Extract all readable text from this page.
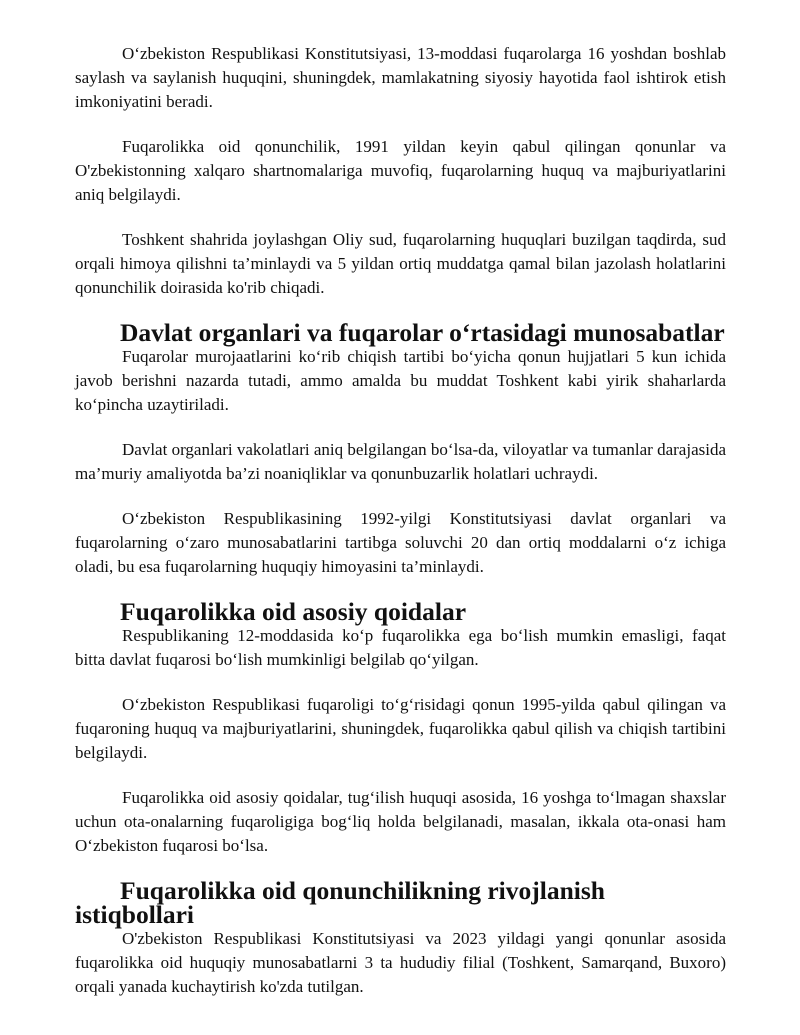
O‘zbekiston Respublikasi Konstitutsiyasi, 13-moddasi fuqarolarga 16 yoshdan boshlab saylash va saylanish huquqini, shuningdek, mamlakatning siyosiy hayotida faol ishtirok etish imkoniyatini beradi.

Fuqarolikka oid qonunchilik, 1991 yildan keyin qabul qilingan qonunlar va O'zbekistonning xalqaro shartnomalariga muvofiq, fuqarolarning huquq va majburiyatlarini aniq belgilaydi.

Toshkent shahrida joylashgan Oliy sud, fuqarolarning huquqlari buzilgan taqdirda, sud orqali himoya qilishni ta’minlaydi va 5 yildan ortiq muddatga qamal bilan jazolash holatlarini qonunchilik doirasida ko'rib chiqadi.

Davlat organlari va fuqarolar o‘rtasidagi munosabatlar

Fuqarolar murojaatlarini ko‘rib chiqish tartibi bo‘yicha qonun hujjatlari 5 kun ichida javob berishni nazarda tutadi, ammo amalda bu muddat Toshkent kabi yirik shaharlarda ko‘pincha uzaytiriladi.

Davlat organlari vakolatlari aniq belgilangan bo‘lsa-da, viloyatlar va tumanlar darajasida ma’muriy amaliyotda ba’zi noaniqliklar va qonunbuzarlik holatlari uchraydi.

O‘zbekiston Respublikasining 1992-yilgi Konstitutsiyasi davlat organlari va fuqarolarning o‘zaro munosabatlarini tartibga soluvchi 20 dan ortiq moddalarni o‘z ichiga oladi, bu esa fuqarolarning huquqiy himoyasini ta’minlaydi.

Fuqarolikka oid asosiy qoidalar

Respublikaning 12-moddasida ko‘p fuqarolikka ega bo‘lish mumkin emasligi, faqat bitta davlat fuqarosi bo‘lish mumkinligi belgilab qo‘yilgan.

O‘zbekiston Respublikasi fuqaroligi to‘g‘risidagi qonun 1995-yilda qabul qilingan va fuqaroning huquq va majburiyatlarini, shuningdek, fuqarolikka qabul qilish va chiqish tartibini belgilaydi.

Fuqarolikka oid asosiy qoidalar, tug‘ilish huquqi asosida, 16 yoshga to‘lmagan shaxslar uchun ota-onalarning fuqaroligiga bog‘liq holda belgilanadi, masalan, ikkala ota-onasi ham O‘zbekiston fuqarosi bo‘lsa.

Fuqarolikka oid qonunchilikning rivojlanish istiqbollari

O'zbekiston Respublikasi Konstitutsiyasi va 2023 yildagi yangi qonunlar asosida fuqarolikka oid huquqiy munosabatlarni 3 ta hududiy filial (Toshkent, Samarqand, Buxoro) orqali yanada kuchaytirish ko'zda tutilgan.
